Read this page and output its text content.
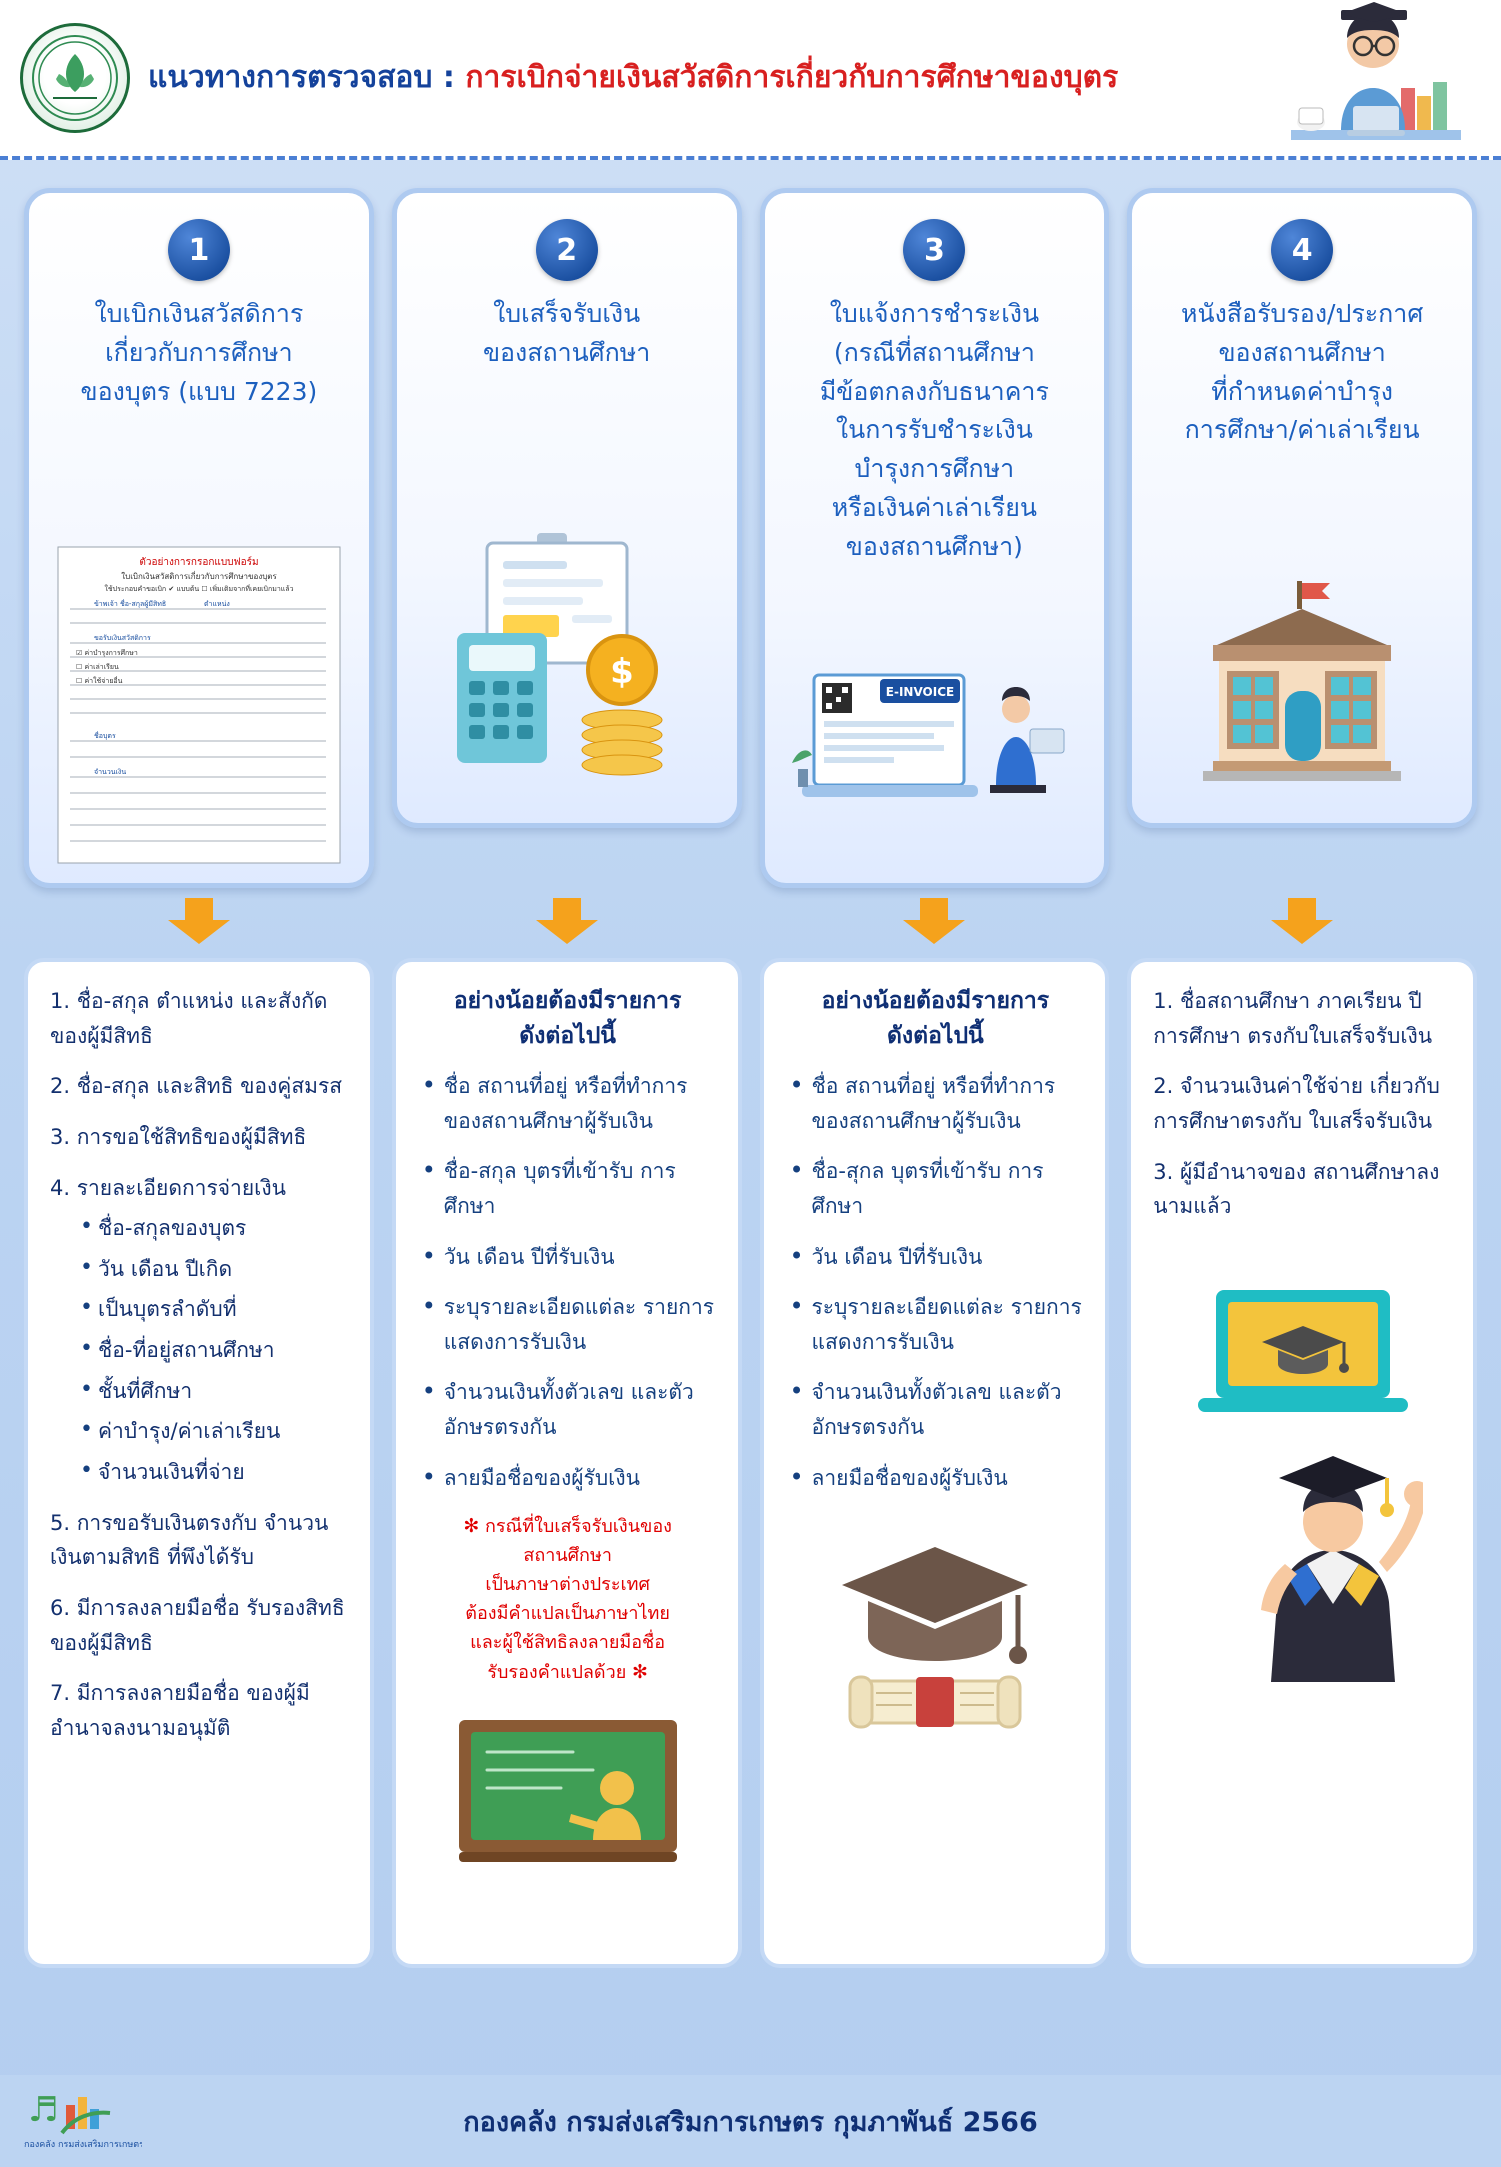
แนวทางการตรวจสอบ : การเบิกจ่ายเงินสวัสดิการเกี่ยวกับการศึกษาของบุตร
1
ใบเบิกเงินสวัสดิการ
เกี่ยวกับการศึกษา
ของบุตร (แบบ 7223)
ตัวอย่างการกรอกแบบฟอร์ม
ใบเบิกเงินสวัสดิการเกี่ยวกับการศึกษาของบุตร
ใช้ประกอบคำขอเบิก ✔ แบบต้น ☐ เพิ่มเติมจากที่เคยเบิกมาแล้ว
ข้าพเจ้า ชื่อ-สกุลผู้มีสิทธิ	ตำแหน่ง
ขอรับเงินสวัสดิการ
ชื่อบุตร
จำนวนเงิน
☑ ค่าบำรุงการศึกษา
☐ ค่าเล่าเรียน
☐ ค่าใช้จ่ายอื่น
2
ใบเสร็จรับเงิน
ของสถานศึกษา
$
3
ใบแจ้งการชำระเงิน
(กรณีที่สถานศึกษา
มีข้อตกลงกับธนาคาร
ในการรับชำระเงิน
บำรุงการศึกษา
หรือเงินค่าเล่าเรียน
ของสถานศึกษา)
E-INVOICE
4
หนังสือรับรอง/ประกาศ
ของสถานศึกษา
ที่กำหนดค่าบำรุง
การศึกษา/ค่าเล่าเรียน
1. ชื่อ-สกุล ตำแหน่ง และสังกัด ของผู้มีสิทธิ
2. ชื่อ-สกุล และสิทธิ ของคู่สมรส
3. การขอใช้สิทธิของผู้มีสิทธิ
4. รายละเอียดการจ่ายเงิน
• ชื่อ-สกุลของบุตร
• วัน เดือน ปีเกิด
• เป็นบุตรลำดับที่
• ชื่อ-ที่อยู่สถานศึกษา
• ชั้นที่ศึกษา
• ค่าบำรุง/ค่าเล่าเรียน
• จำนวนเงินที่จ่าย
5. การขอรับเงินตรงกับ จำนวนเงินตามสิทธิ ที่พึงได้รับ
6. มีการลงลายมือชื่อ รับรองสิทธิของผู้มีสิทธิ
7. มีการลงลายมือชื่อ ของผู้มีอำนาจลงนามอนุมัติ
อย่างน้อยต้องมีรายการ
ดังต่อไปนี้
• ชื่อ สถานที่อยู่ หรือที่ทำการ ของสถานศึกษาผู้รับเงิน
• ชื่อ-สกุล บุตรที่เข้ารับ การศึกษา
• วัน เดือน ปีที่รับเงิน
• ระบุรายละเอียดแต่ละ รายการแสดงการรับเงิน
• จำนวนเงินทั้งตัวเลข และตัวอักษรตรงกัน
• ลายมือชื่อของผู้รับเงิน
✻ กรณีที่ใบเสร็จรับเงินของ
สถานศึกษา
เป็นภาษาต่างประเทศ
ต้องมีคำแปลเป็นภาษาไทย
และผู้ใช้สิทธิลงลายมือชื่อ
รับรองคำแปลด้วย ✻
อย่างน้อยต้องมีรายการ
ดังต่อไปนี้
• ชื่อ สถานที่อยู่ หรือที่ทำการ ของสถานศึกษาผู้รับเงิน
• ชื่อ-สุกล บุตรที่เข้ารับ การศึกษา
• วัน เดือน ปีที่รับเงิน
• ระบุรายละเอียดแต่ละ รายการแสดงการรับเงิน
• จำนวนเงินทั้งตัวเลข และตัวอักษรตรงกัน
• ลายมือชื่อของผู้รับเงิน
1. ชื่อสถานศึกษา ภาคเรียน ปีการศึกษา ตรงกับใบเสร็จรับเงิน
2. จำนวนเงินค่าใช้จ่าย เกี่ยวกับการศึกษาตรงกับ ใบเสร็จรับเงิน
3. ผู้มีอำนาจของ สถานศึกษาลงนามแล้ว
♬
กองคลัง กรมส่งเสริมการเกษตร
กองคลัง กรมส่งเสริมการเกษตร กุมภาพันธ์ 2566
